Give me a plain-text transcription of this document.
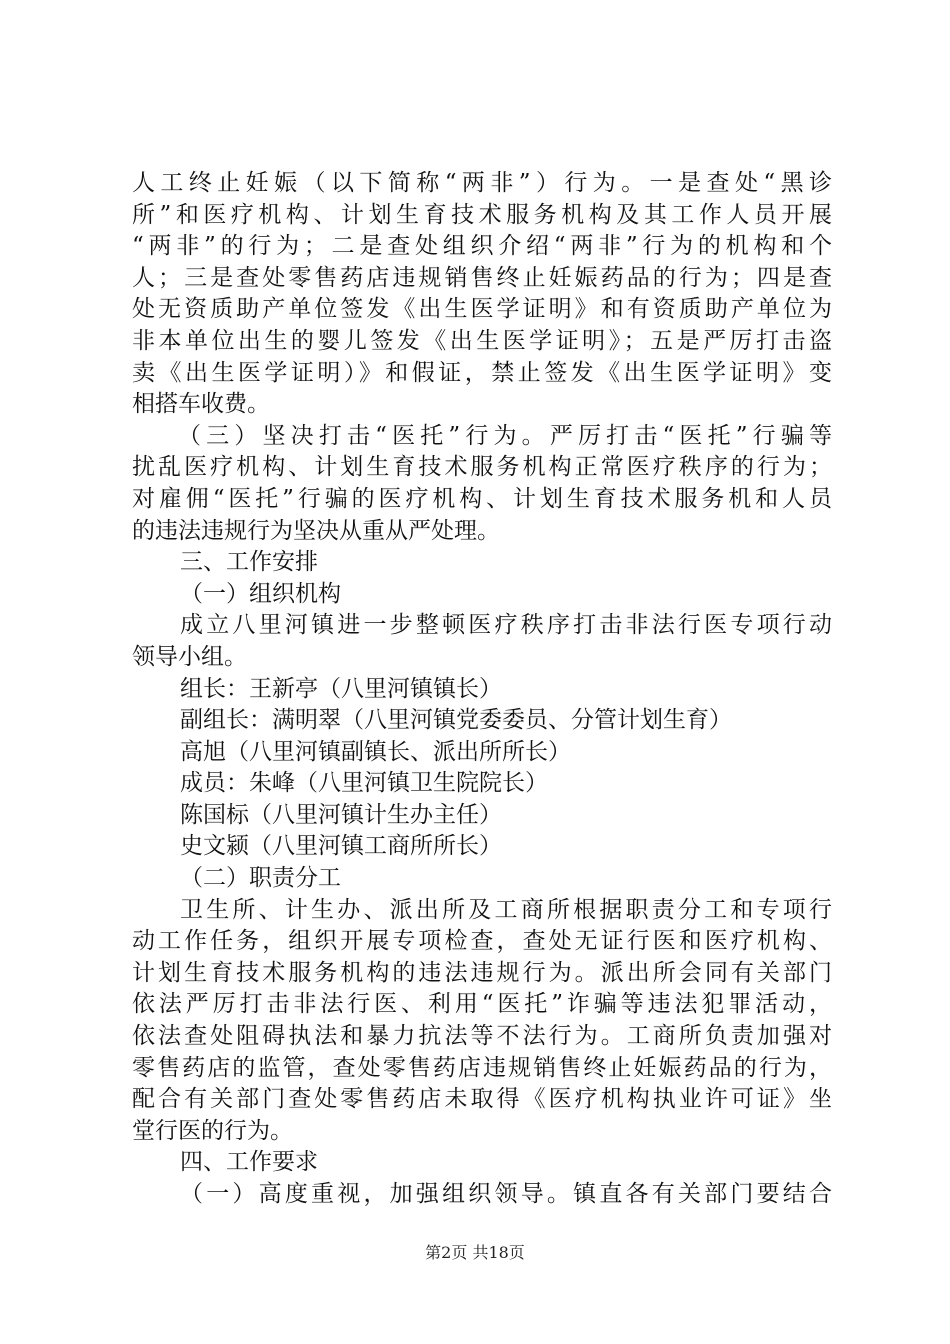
人工终止妊娠（以下简称“两非”）行为。一是查处“黑诊
所”和医疗机构、计划生育技术服务机构及其工作人员开展
“两非”的行为；二是查处组织介绍“两非”行为的机构和个
人；三是查处零售药店违规销售终止妊娠药品的行为；四是查
处无资质助产单位签发《出生医学证明》和有资质助产单位为
非本单位出生的婴儿签发《出生医学证明》；五是严厉打击盗
卖《出生医学证明）》和假证，禁止签发《出生医学证明》变
相搭车收费。
（三）坚决打击“医托”行为。严厉打击“医托”行骗等
扰乱医疗机构、计划生育技术服务机构正常医疗秩序的行为；
对雇佣“医托”行骗的医疗机构、计划生育技术服务机和人员
的违法违规行为坚决从重从严处理。
三、工作安排
（一）组织机构
成立八里河镇进一步整顿医疗秩序打击非法行医专项行动
领导小组。
组长：王新亭（八里河镇镇长）
副组长：满明翠（八里河镇党委委员、分管计划生育）
高旭（八里河镇副镇长、派出所所长）
成员：朱峰（八里河镇卫生院院长）
陈国标（八里河镇计生办主任）
史文颍（八里河镇工商所所长）
（二）职责分工
卫生所、计生办、派出所及工商所根据职责分工和专项行
动工作任务，组织开展专项检查，查处无证行医和医疗机构、
计划生育技术服务机构的违法违规行为。派出所会同有关部门
依法严厉打击非法行医、利用“医托”诈骗等违法犯罪活动，
依法查处阻碍执法和暴力抗法等不法行为。工商所负责加强对
零售药店的监管，查处零售药店违规销售终止妊娠药品的行为，
配合有关部门查处零售药店未取得《医疗机构执业许可证》坐
堂行医的行为。
四、工作要求
（一）高度重视，加强组织领导。镇直各有关部门要结合
第2页 共18页
